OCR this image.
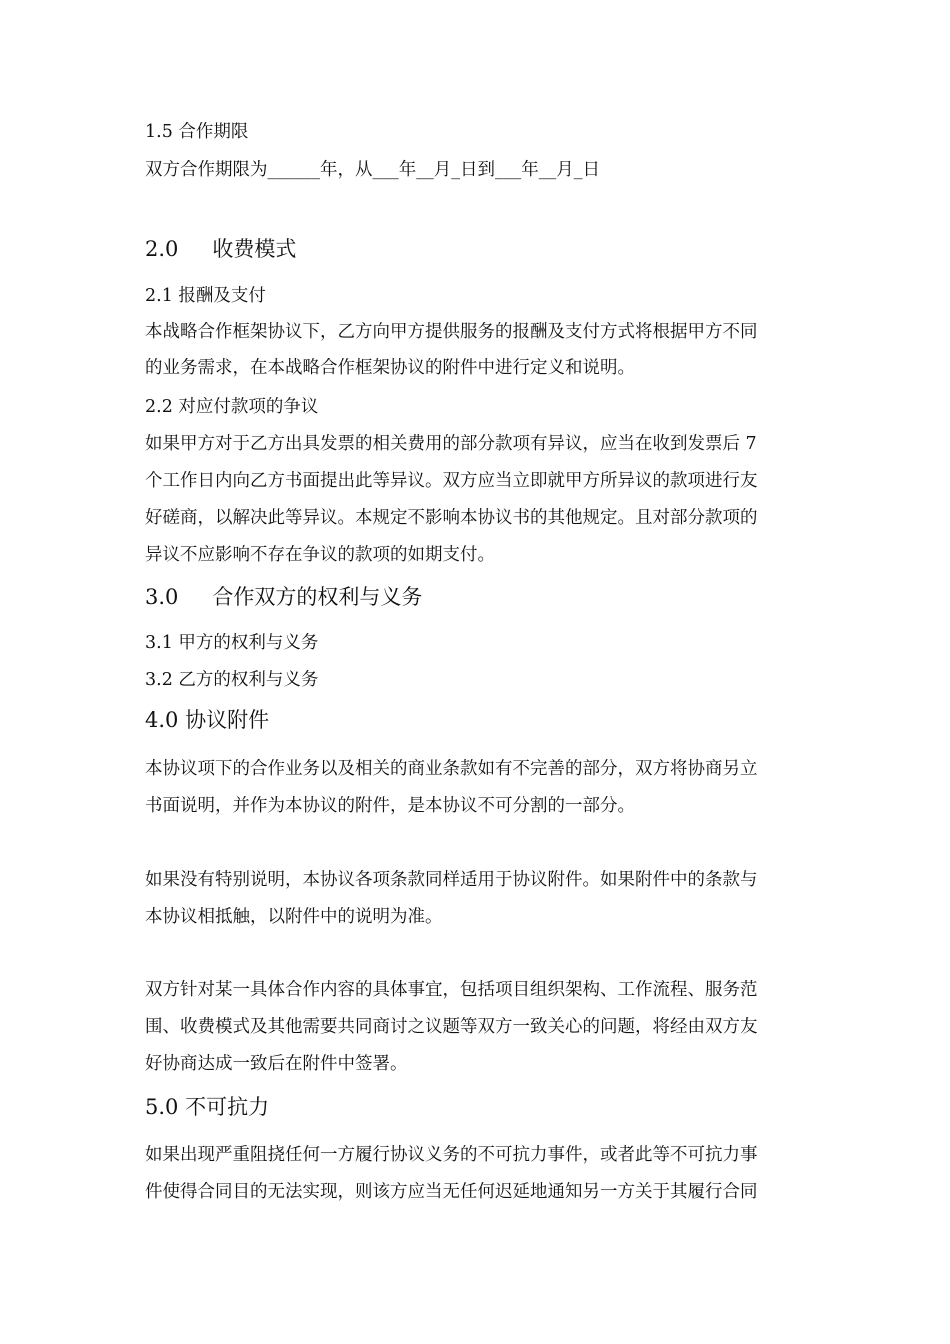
1.5 合作期限
双方合作期限为______年，从___年__月_日到___年__月_日
2.0 收费模式
2.1 报酬及支付
本战略合作框架协议下，乙方向甲方提供服务的报酬及支付方式将根据甲方不同
的业务需求，在本战略合作框架协议的附件中进行定义和说明。
2.2 对应付款项的争议
如果甲方对于乙方出具发票的相关费用的部分款项有异议，应当在收到发票后 7
个工作日内向乙方书面提出此等异议。双方应当立即就甲方所异议的款项进行友
好磋商，以解决此等异议。本规定不影响本协议书的其他规定。且对部分款项的
异议不应影响不存在争议的款项的如期支付。
3.0 合作双方的权利与义务
3.1 甲方的权利与义务
3.2 乙方的权利与义务
4.0 协议附件
本协议项下的合作业务以及相关的商业条款如有不完善的部分，双方将协商另立
书面说明，并作为本协议的附件，是本协议不可分割的一部分。
如果没有特别说明，本协议各项条款同样适用于协议附件。如果附件中的条款与
本协议相抵触，以附件中的说明为准。
双方针对某一具体合作内容的具体事宜，包括项目组织架构、工作流程、服务范
围、收费模式及其他需要共同商讨之议题等双方一致关心的问题，将经由双方友
好协商达成一致后在附件中签署。
5.0 不可抗力
如果出现严重阻挠任何一方履行协议义务的不可抗力事件，或者此等不可抗力事
件使得合同目的无法实现，则该方应当无任何迟延地通知另一方关于其履行合同
